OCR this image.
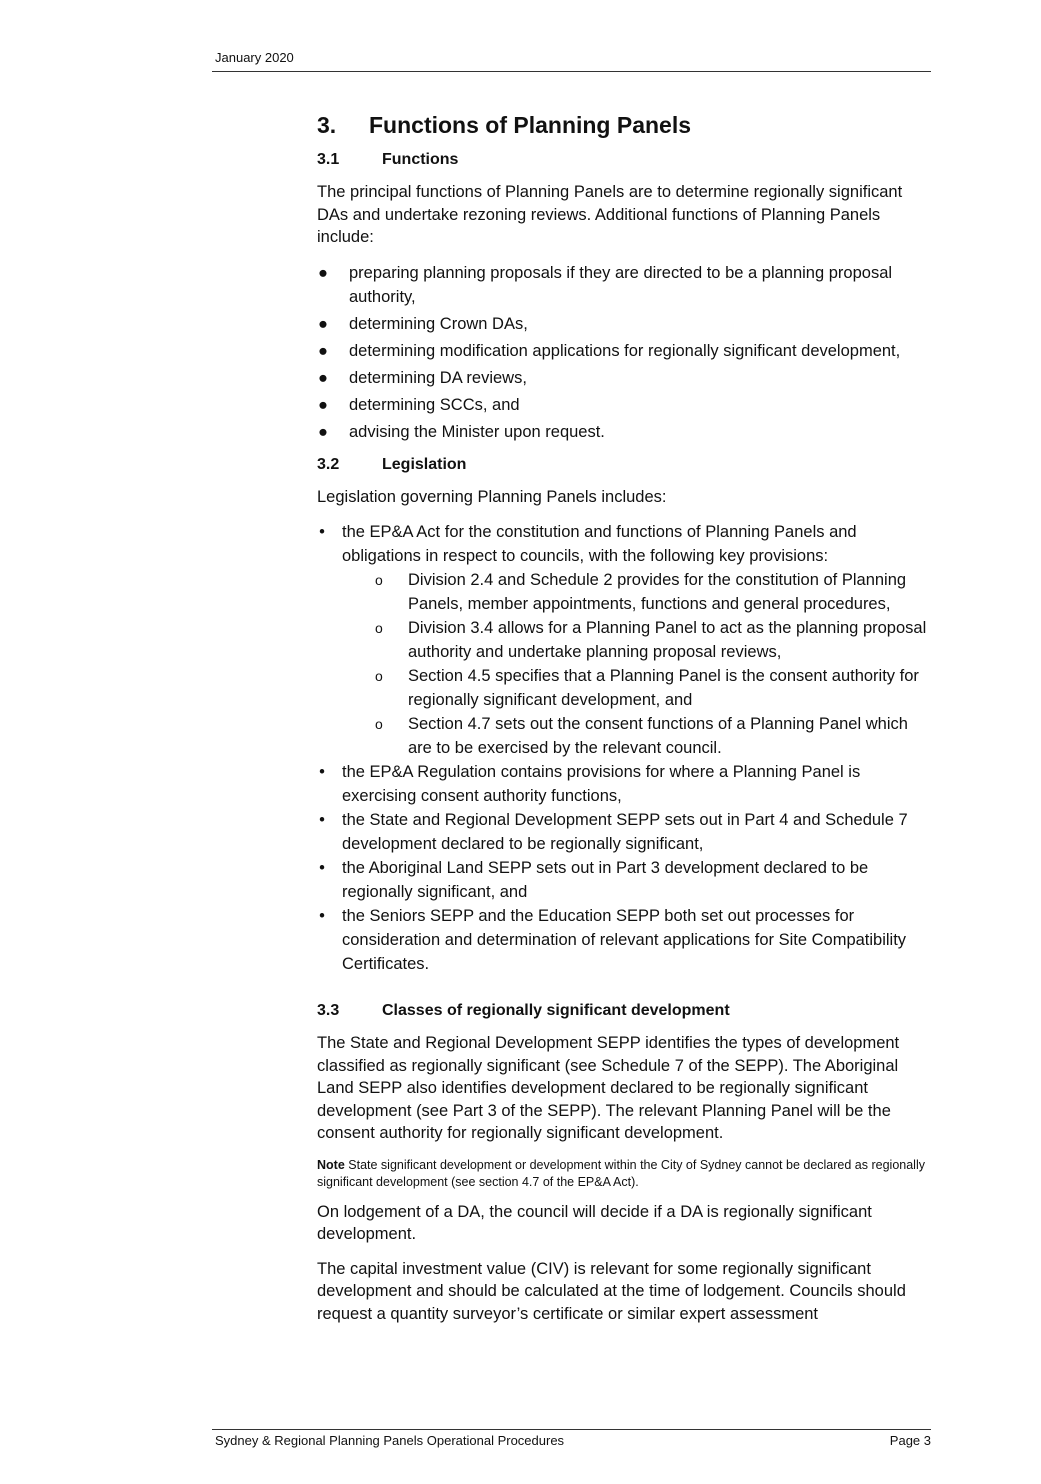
January 2020
3.	Functions of Planning Panels
3.1	Functions

The principal functions of Planning Panels are to determine regionally significant DAs and undertake rezoning reviews. Additional functions of Planning Panels include:

● preparing planning proposals if they are directed to be a planning proposal authority,
● determining Crown DAs,
● determining modification applications for regionally significant development,
● determining DA reviews,
● determining SCCs, and
● advising the Minister upon request.
3.2	Legislation

Legislation governing Planning Panels includes:

• the EP&A Act for the constitution and functions of Planning Panels and obligations in respect to councils, with the following key provisions:
o Division 2.4 and Schedule 2 provides for the constitution of Planning Panels, member appointments, functions and general procedures,
o Division 3.4 allows for a Planning Panel to act as the planning proposal authority and undertake planning proposal reviews,
o Section 4.5 specifies that a Planning Panel is the consent authority for regionally significant development, and
o Section 4.7 sets out the consent functions of a Planning Panel which are to be exercised by the relevant council.
• the EP&A Regulation contains provisions for where a Planning Panel is exercising consent authority functions,
• the State and Regional Development SEPP sets out in Part 4 and Schedule 7 development declared to be regionally significant,
• the Aboriginal Land SEPP sets out in Part 3 development declared to be regionally significant, and
• the Seniors SEPP and the Education SEPP both set out processes for consideration and determination of relevant applications for Site Compatibility Certificates.
3.3	Classes of regionally significant development

The State and Regional Development SEPP identifies the types of development classified as regionally significant (see Schedule 7 of the SEPP). The Aboriginal Land SEPP also identifies development declared to be regionally significant development (see Part 3 of the SEPP). The relevant Planning Panel will be the consent authority for regionally significant development.

Note State significant development or development within the City of Sydney cannot be declared as regionally significant development (see section 4.7 of the EP&A Act).

On lodgement of a DA, the council will decide if a DA is regionally significant development.

The capital investment value (CIV) is relevant for some regionally significant development and should be calculated at the time of lodgement. Councils should request a quantity surveyor’s certificate or similar expert assessment

Sydney & Regional Planning Panels Operational Procedures	Page 3
